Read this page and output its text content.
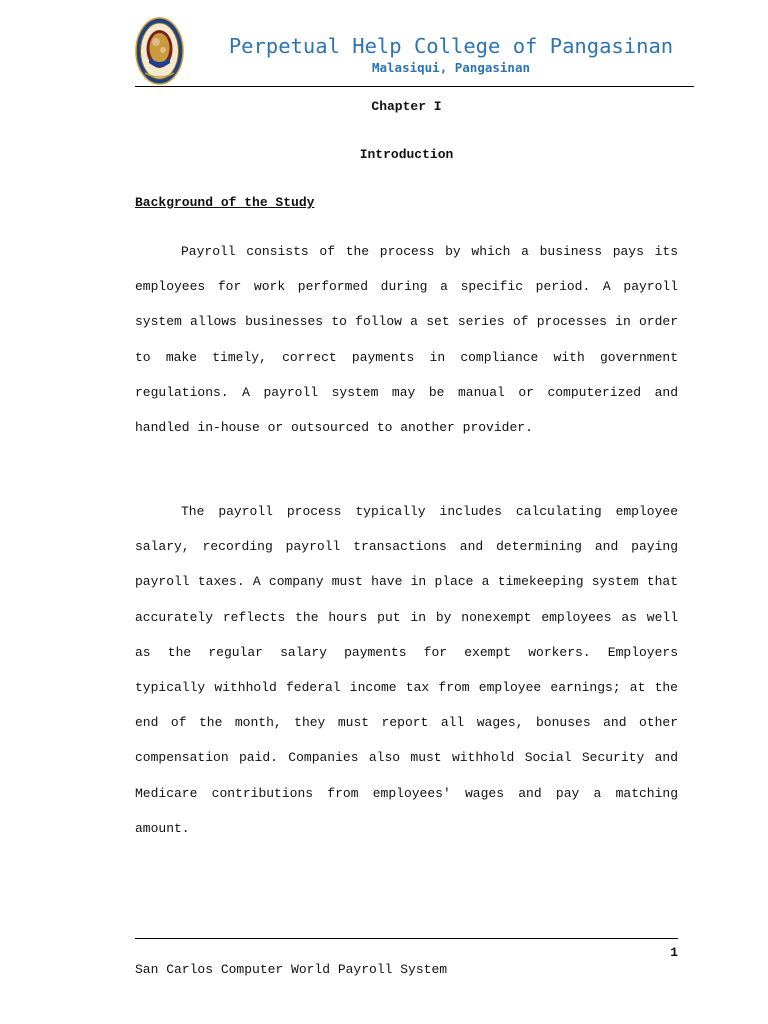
Perpetual Help College of Pangasinan
Malasiqui, Pangasinan
Chapter I
Introduction
Background of the Study

Payroll consists of the process by which a business pays its employees for work performed during a specific period. A payroll system allows businesses to follow a set series of processes in order to make timely, correct payments in compliance with government regulations. A payroll system may be manual or computerized and handled in-house or outsourced to another provider.

The payroll process typically includes calculating employee salary, recording payroll transactions and determining and paying payroll taxes. A company must have in place a timekeeping system that accurately reflects the hours put in by nonexempt employees as well as the regular salary payments for exempt workers. Employers typically withhold federal income tax from employee earnings; at the end of the month, they must report all wages, bonuses and other compensation paid. Companies also must withhold Social Security and Medicare contributions from employees' wages and pay a matching amount.

1
San Carlos Computer World Payroll System
